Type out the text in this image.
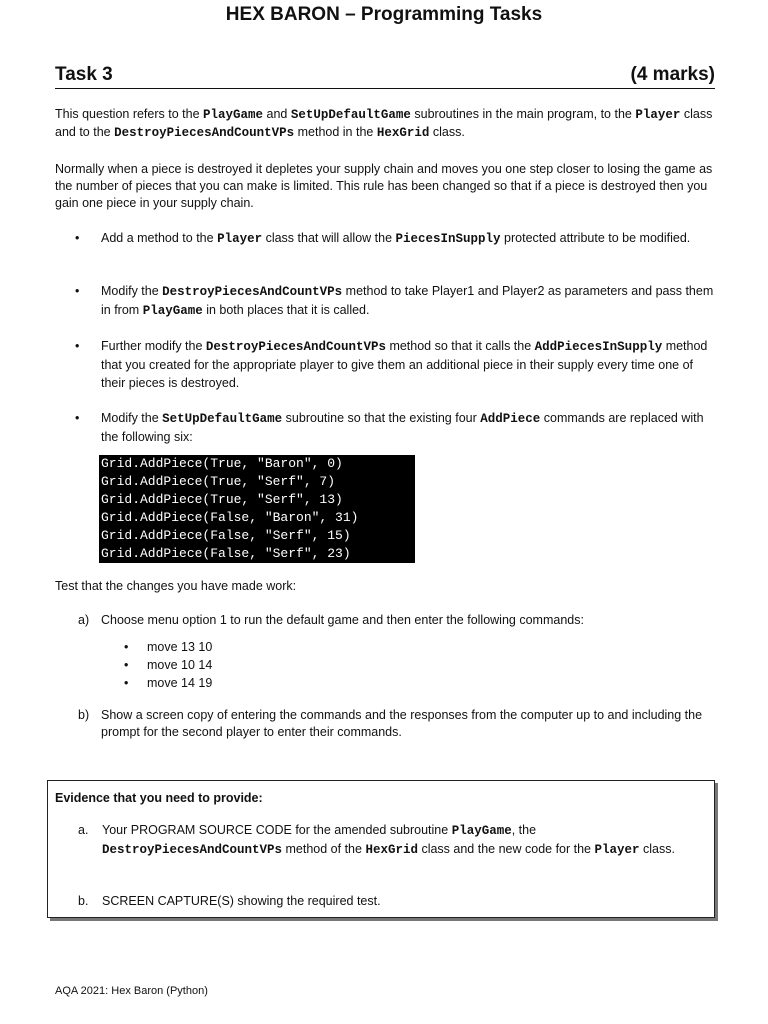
HEX BARON – Programming Tasks
Task 3	(4 marks)
This question refers to the PlayGame and SetUpDefaultGame subroutines in the main program, to the Player class and to the DestroyPiecesAndCountVPs method in the HexGrid class.
Normally when a piece is destroyed it depletes your supply chain and moves you one step closer to losing the game as the number of pieces that you can make is limited. This rule has been changed so that if a piece is destroyed then you gain one piece in your supply chain.
• Add a method to the Player class that will allow the PiecesInSupply protected attribute to be modified.
• Modify the DestroyPiecesAndCountVPs method to take Player1 and Player2 as parameters and pass them in from PlayGame in both places that it is called.
• Further modify the DestroyPiecesAndCountVPs method so that it calls the AddPiecesInSupply method that you created for the appropriate player to give them an additional piece in their supply every time one of their pieces is destroyed.
• Modify the SetUpDefaultGame subroutine so that the existing four AddPiece commands are replaced with the following six:
Grid.AddPiece(True, "Baron", 0)
Grid.AddPiece(True, "Serf", 7)
Grid.AddPiece(True, "Serf", 13)
Grid.AddPiece(False, "Baron", 31)
Grid.AddPiece(False, "Serf", 15)
Grid.AddPiece(False, "Serf", 23)
Test that the changes you have made work:
a) Choose menu option 1 to run the default game and then enter the following commands:
• move 13 10
• move 10 14
• move 14 19
b) Show a screen copy of entering the commands and the responses from the computer up to and including the prompt for the second player to enter their commands.
Evidence that you need to provide:
a.	Your PROGRAM SOURCE CODE for the amended subroutine PlayGame, the DestroyPiecesAndCountVPs method of the HexGrid class and the new code for the Player class.
b.	SCREEN CAPTURE(S) showing the required test.
AQA 2021: Hex Baron (Python)
